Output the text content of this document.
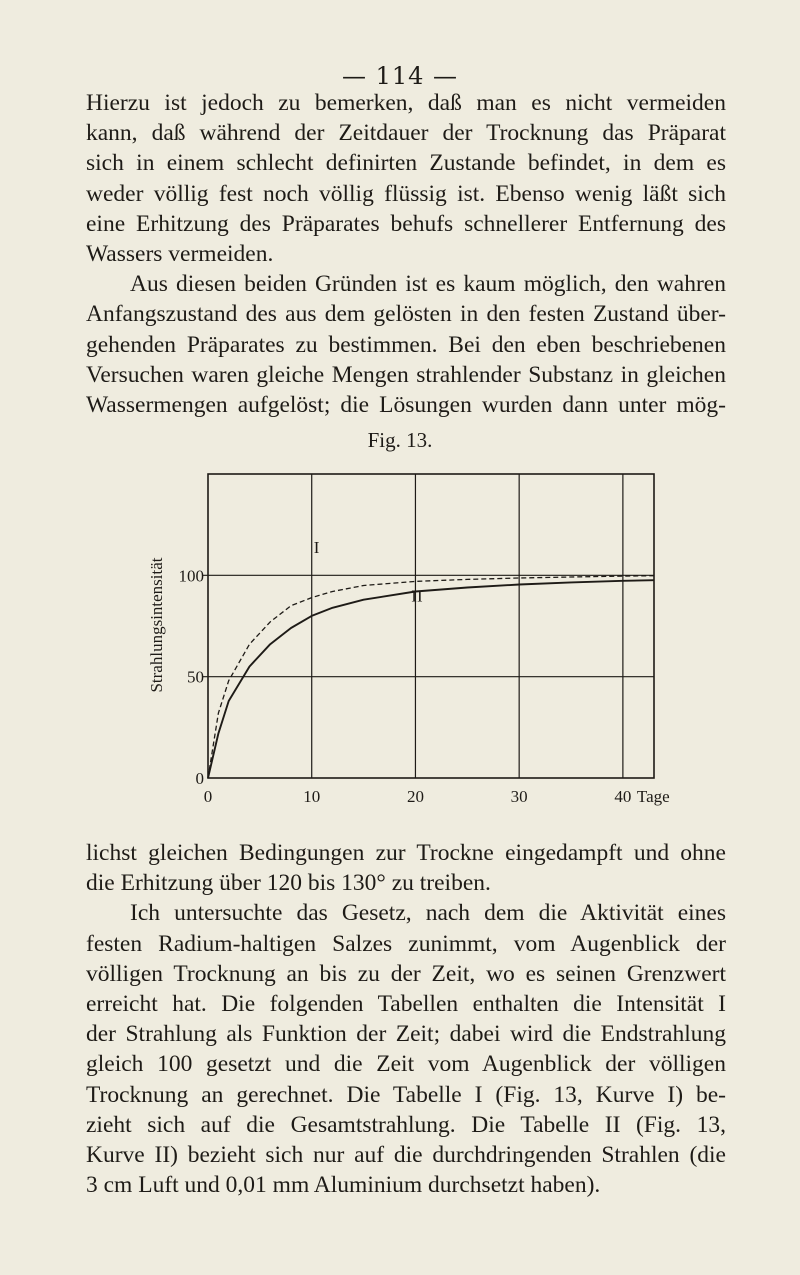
— 114 —
Hierzu ist jedoch zu bemerken, daß man es nicht vermeiden
kann, daß während der Zeitdauer der Trocknung das Präparat
sich in einem schlecht definirten Zustande befindet, in dem es
weder völlig fest noch völlig flüssig ist. Ebenso wenig läßt sich
eine Erhitzung des Präparates behufs schnellerer Entfernung des
Wassers vermeiden.
Aus diesen beiden Gründen ist es kaum möglich, den wahren
Anfangszustand des aus dem gelösten in den festen Zustand über-
gehenden Präparates zu bestimmen. Bei den eben beschriebenen
Versuchen waren gleiche Mengen strahlender Substanz in gleichen
Wassermengen aufgelöst; die Lösungen wurden dann unter mög-
Fig. 13.
I
II
0	10	20	30	40 Tage
0
50
100
Strahlungsintensität
lichst gleichen Bedingungen zur Trockne eingedampft und ohne
die Erhitzung über 120 bis 130° zu treiben.
Ich untersuchte das Gesetz, nach dem die Aktivität eines
festen Radium-haltigen Salzes zunimmt, vom Augenblick der
völligen Trocknung an bis zu der Zeit, wo es seinen Grenzwert
erreicht hat. Die folgenden Tabellen enthalten die Intensität I
der Strahlung als Funktion der Zeit; dabei wird die Endstrahlung
gleich 100 gesetzt und die Zeit vom Augenblick der völligen
Trocknung an gerechnet. Die Tabelle I (Fig. 13, Kurve I) be-
zieht sich auf die Gesamtstrahlung. Die Tabelle II (Fig. 13,
Kurve II) bezieht sich nur auf die durchdringenden Strahlen (die
3 cm Luft und 0,01 mm Aluminium durchsetzt haben).
